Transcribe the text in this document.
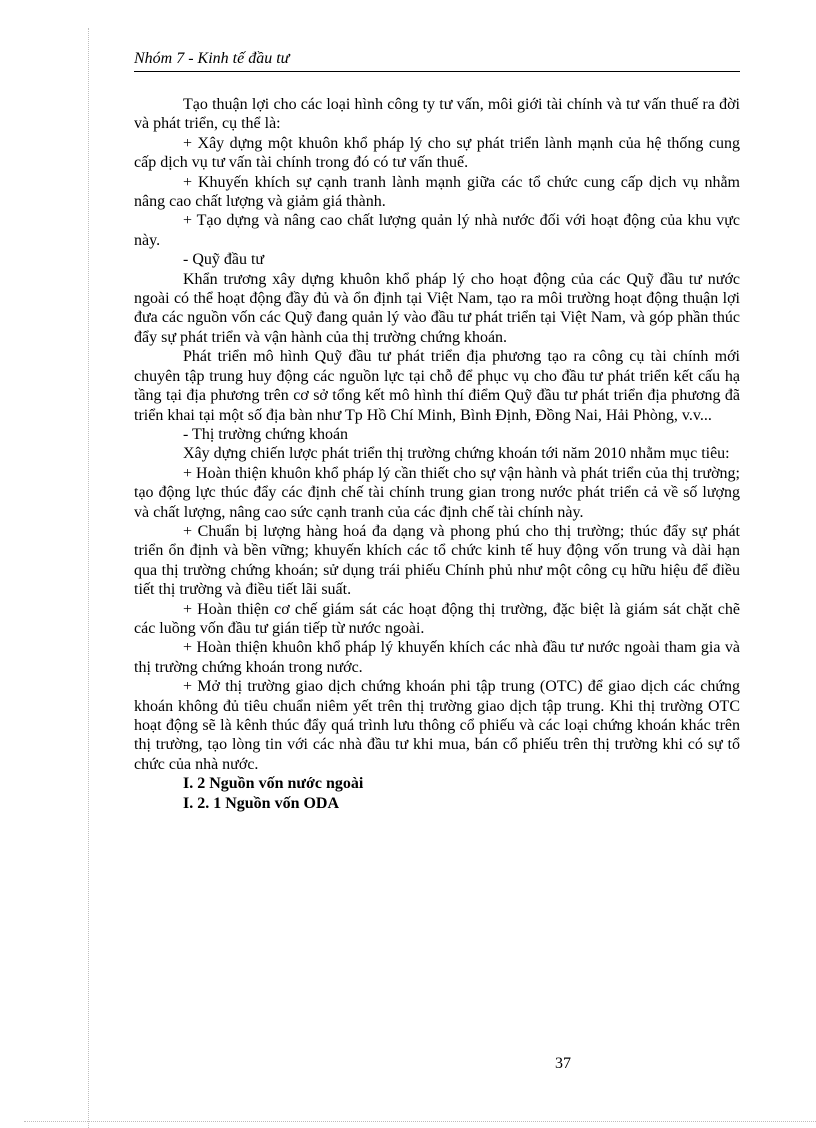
Nhóm 7 - Kinh tế đầu tư

Tạo thuận lợi cho các loại hình công ty tư vấn, môi giới tài chính và tư vấn thuế ra đời và phát triển, cụ thể là:

+ Xây dựng một khuôn khổ pháp lý cho sự phát triển lành mạnh của hệ thống cung cấp dịch vụ tư vấn tài chính trong đó có tư vấn thuế.

+ Khuyến khích sự cạnh tranh lành mạnh giữa các tổ chức cung cấp dịch vụ nhằm nâng cao chất lượng và giảm giá thành.

+ Tạo dựng và nâng cao chất lượng quản lý nhà nước đối với hoạt động của khu vực này.

- Quỹ đầu tư

Khẩn trương xây dựng khuôn khổ pháp lý cho hoạt động của các Quỹ đầu tư nước ngoài có thể hoạt động đầy đủ và ổn định tại Việt Nam, tạo ra môi trường hoạt động thuận lợi đưa các nguồn vốn các Quỹ đang quản lý vào đầu tư phát triển tại Việt Nam, và góp phần thúc đẩy sự phát triển và vận hành của thị trường chứng khoán.

Phát triển mô hình Quỹ đầu tư phát triển địa phương tạo ra công cụ tài chính mới chuyên tập trung huy động các nguồn lực tại chỗ để phục vụ cho đầu tư phát triển kết cấu hạ tầng tại địa phương trên cơ sở tổng kết mô hình thí điểm Quỹ đầu tư phát triển địa phương đã triển khai tại một số địa bàn như Tp Hồ Chí Minh, Bình Định, Đồng Nai, Hải Phòng, v.v...

- Thị trường chứng khoán

Xây dựng chiến lược phát triển thị trường chứng khoán tới năm 2010 nhằm mục tiêu:

+ Hoàn thiện khuôn khổ pháp lý cần thiết cho sự vận hành và phát triển của thị trường; tạo động lực thúc đẩy các định chế tài chính trung gian trong nước phát triển cả về số lượng và chất lượng, nâng cao sức cạnh tranh của các định chế tài chính này.

+ Chuẩn bị lượng hàng hoá đa dạng và phong phú cho thị trường; thúc đẩy sự phát triển ổn định và bền vững; khuyến khích các tổ chức kinh tế huy động vốn trung và dài hạn qua thị trường chứng khoán; sử dụng trái phiếu Chính phủ như một công cụ hữu hiệu để điều tiết thị trường và điều tiết lãi suất.

+ Hoàn thiện cơ chế giám sát các hoạt động thị trường, đặc biệt là giám sát chặt chẽ các luồng vốn đầu tư gián tiếp từ nước ngoài.

+ Hoàn thiện khuôn khổ pháp lý khuyến khích các nhà đầu tư nước ngoài tham gia và thị trường chứng khoán trong nước.

+ Mở thị trường giao dịch chứng khoán phi tập trung (OTC) để giao dịch các chứng khoán không đủ tiêu chuẩn niêm yết trên thị trường giao dịch tập trung. Khi thị trường OTC hoạt động sẽ là kênh thúc đẩy quá trình lưu thông cổ phiếu và các loại chứng khoán khác trên thị trường, tạo lòng tin với các nhà đầu tư khi mua, bán cổ phiếu trên thị trường khi có sự tổ chức của nhà nước.

I. 2 Nguồn vốn nước ngoài

I. 2. 1 Nguồn vốn ODA

37
